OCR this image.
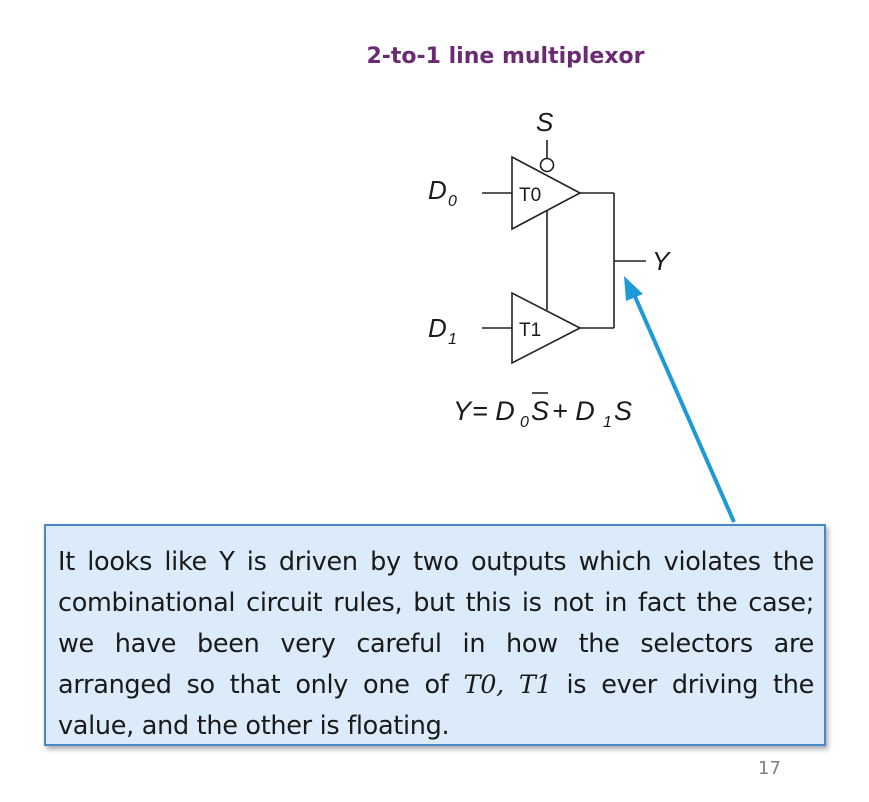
2-to-1 line multiplexor
S
D 0	T0
D 1	T1
Y
Y = D 0 S + D 1 S
It looks like Y is driven by two outputs which violates the combinational circuit rules, but this is not in fact the case; we have been very careful in how the selectors are arranged so that only one of T0, T1 is ever driving the value, and the other is floating.
17
